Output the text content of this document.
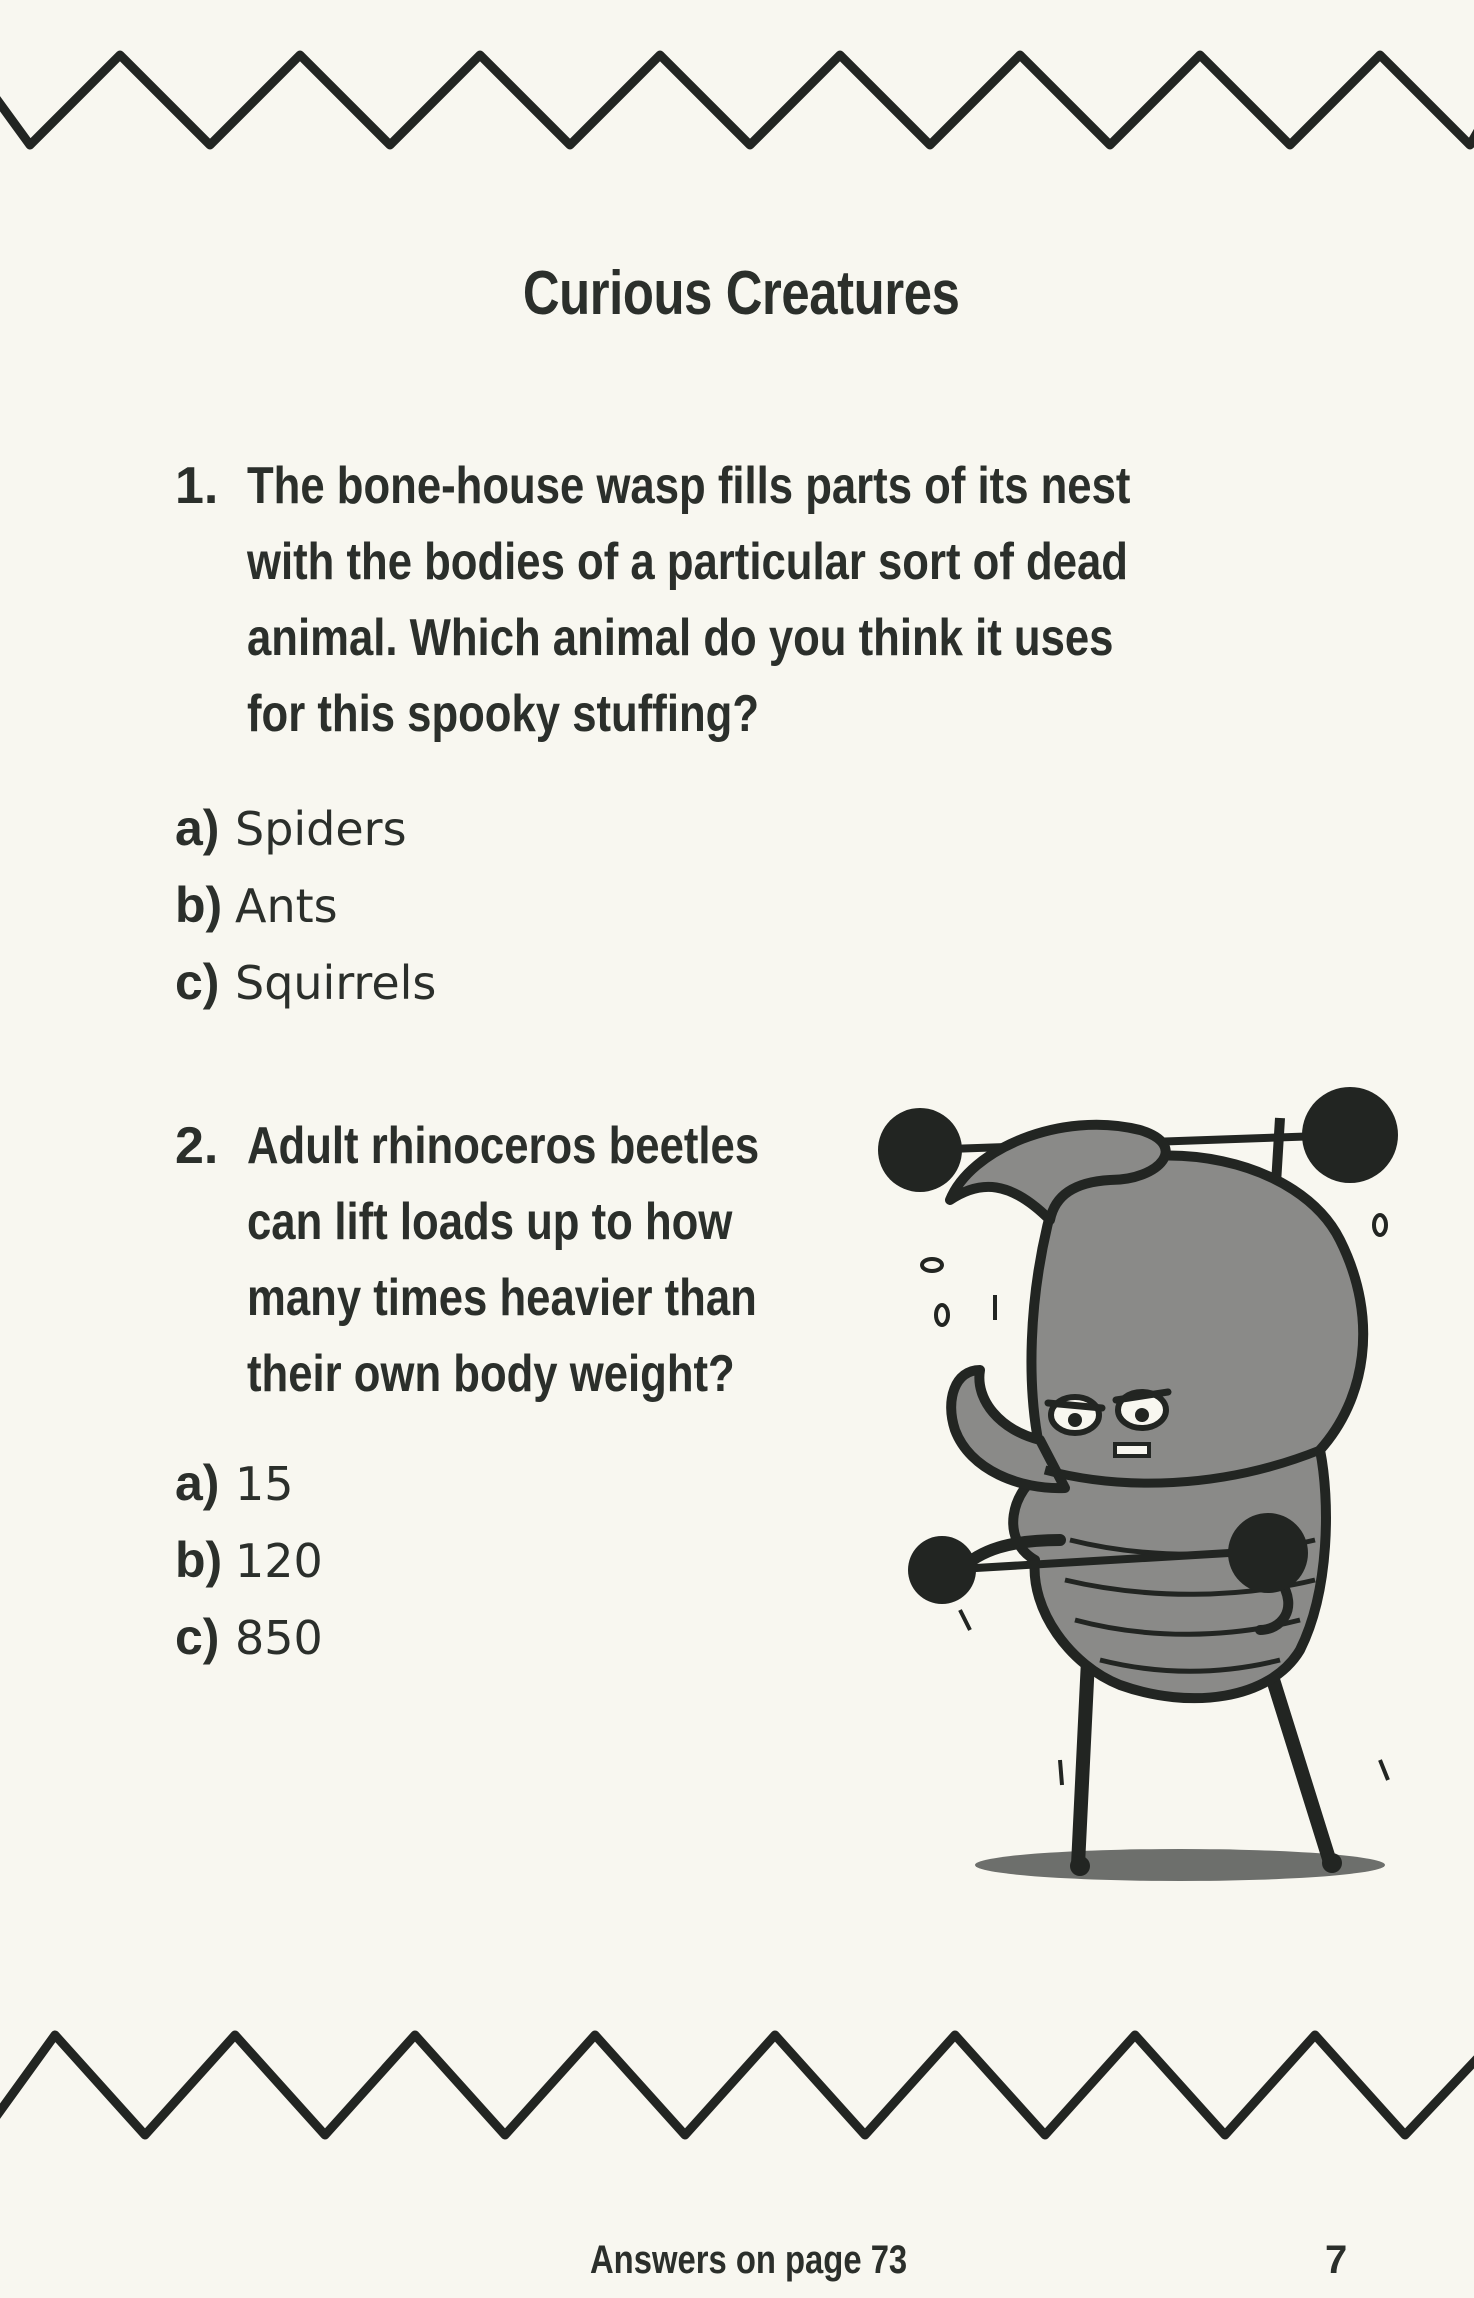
Curious Creatures
1. The bone-house wasp fills parts of its nest
with the bodies of a particular sort of dead
animal. Which animal do you think it uses
for this spooky stuffing?
a) Spiders
b) Ants
c) Squirrels
2. Adult rhinoceros beetles
can lift loads up to how
many times heavier than
their own body weight?
a) 15
b) 120
c) 850
Answers on page 73	7
